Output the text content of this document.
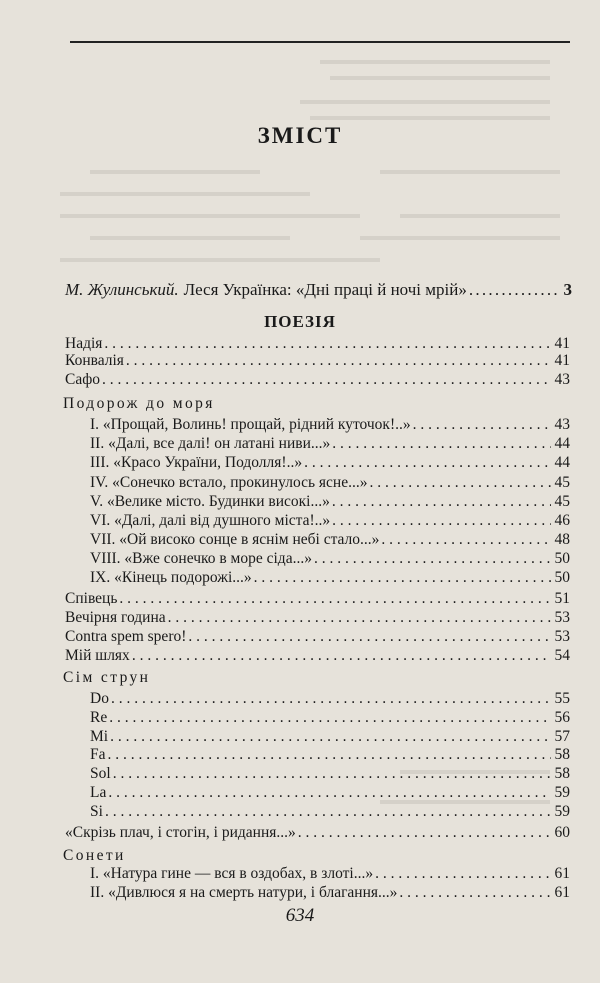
ЗМІСТ
М. Жулинський. Леся Українка: «Дні праці й ночі мрій» . . .	3
ПОЕЗІЯ
Надія . . .	41
Конвалія . . .	41
Сафо . . .	43
Подорож до моря
I. «Прощай, Волинь! прощай, рідний куточок!..» . . .	43
II. «Далі, все далі! он латані ниви...» . . .	44
III. «Красо України, Подолля!..» . . .	44
IV. «Сонечко встало, прокинулось ясне...» . . .	45
V. «Велике місто. Будинки високі...» . . .	45
VI. «Далі, далі від душного міста!..» . . .	46
VII. «Ой високо сонце в яснім небі стало...» . . .	48
VIII. «Вже сонечко в море сіда...» . . .	50
IX. «Кінець подорожі...» . . .	50
Співець . . .	51
Вечірня година . . .	53
Contra spem spero! . . .	53
Мій шлях . . .	54
Сім струн
Do . . .	55
Re . . .	56
Mi . . .	57
Fa . . .	58
Sol . . .	58
La . . .	59
Si . . .	59
«Скрізь плач, і стогін, і ридання...» . . .	60
Сонети
I. «Натура гине — вся в оздобах, в злоті...» . . .	61
II. «Дивлюся я на смерть натури, і благання...» . . .	61
634
